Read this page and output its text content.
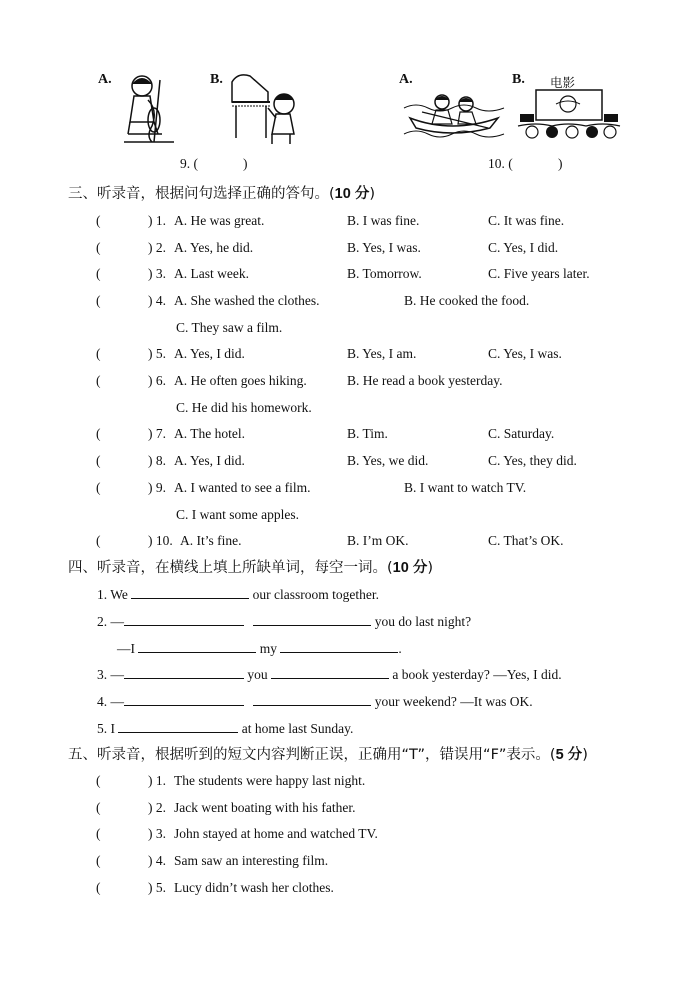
A.	B.	A.	B. 电影
9. (	)	10. (	)
三、听录音，根据问句选择正确的答句。(10 分)
(	) 1. A. He was great.	B. I was fine.	C. It was fine.
(	) 2. A. Yes, he did.	B. Yes, I was.	C. Yes, I did.
(	) 3. A. Last week.	B. Tomorrow.	C. Five years later.
(	) 4. A. She washed the clothes.	B. He cooked the food.
C. They saw a film.
(	) 5. A. Yes, I did.	B. Yes, I am.	C. Yes, I was.
(	) 6. A. He often goes hiking.	B. He read a book yesterday.
C. He did his homework.
(	) 7. A. The hotel.	B. Tim.	C. Saturday.
(	) 8. A. Yes, I did.	B. Yes, we did.	C. Yes, they did.
(	) 9. A. I wanted to see a film.	B. I want to watch TV.
C. I want some apples.
(	) 10. A. It’s fine.	B. I’m OK.	C. That’s OK.
四、听录音，在横线上填上所缺单词，每空一词。(10 分)
1. We	our classroom together.
2. —	you do last night?
—I	my	.
3. —	you	a book yesterday? —Yes, I did.
4. —	your weekend? —It was OK.
5. I	at home last Sunday.
五、听录音，根据听到的短文内容判断正误，正确用“T”，错误用“F”表示。(5 分)
(	) 1. The students were happy last night.
(	) 2. Jack went boating with his father.
(	) 3. John stayed at home and watched TV.
(	) 4. Sam saw an interesting film.
(	) 5. Lucy didn’t wash her clothes.
